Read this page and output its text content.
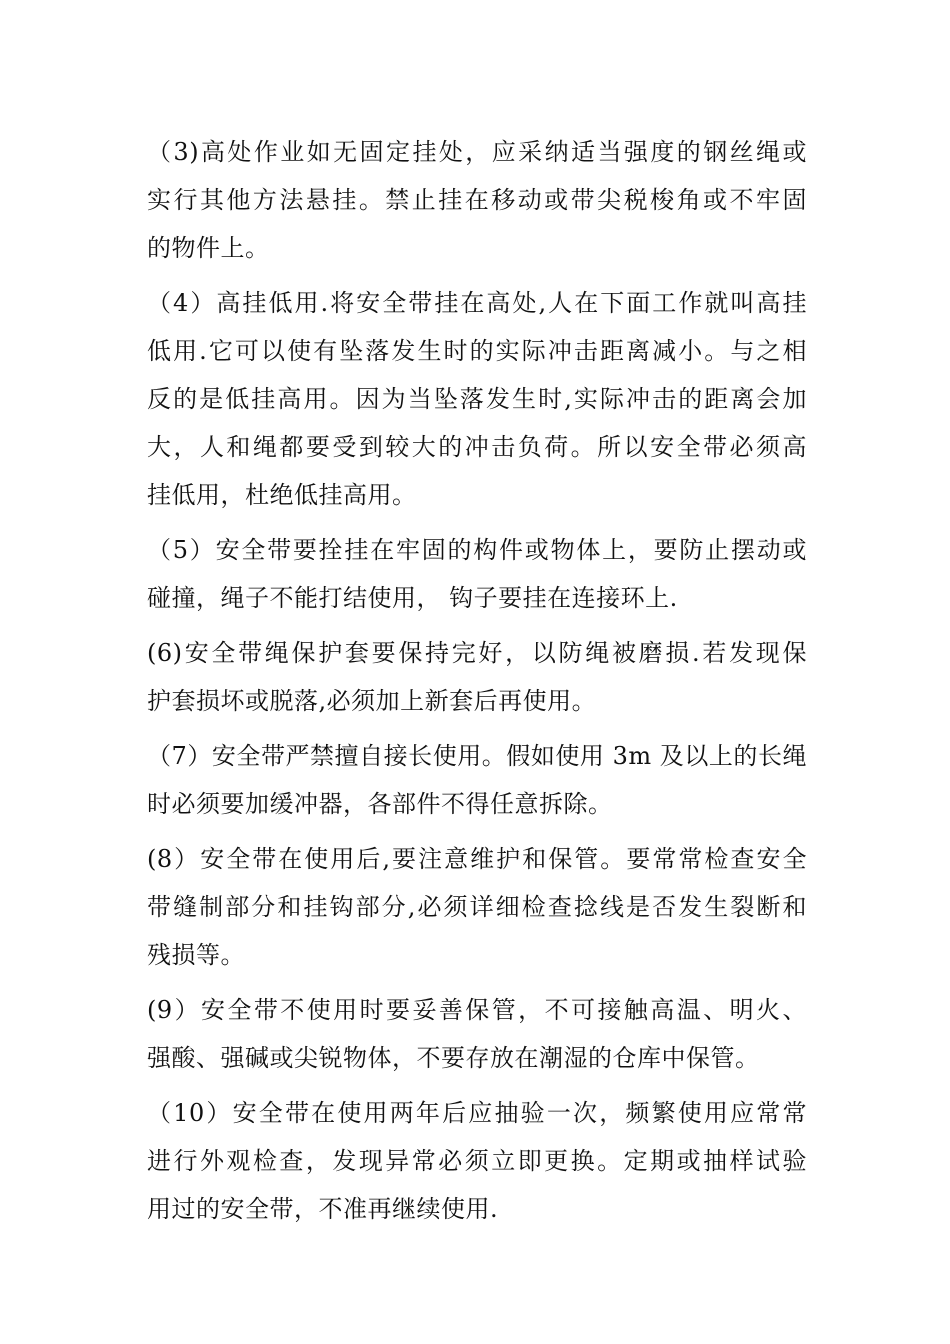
（3)高处作业如无固定挂处，应采纳适当强度的钢丝绳或
实行其他方法悬挂。禁止挂在移动或带尖税梭角或不牢固
的物件上。
（4）高挂低用.将安全带挂在高处,人在下面工作就叫高挂
低用.它可以使有坠落发生时的实际冲击距离减小。与之相
反的是低挂高用。因为当坠落发生时,实际冲击的距离会加
大，人和绳都要受到较大的冲击负荷。所以安全带必须高
挂低用，杜绝低挂高用。
（5）安全带要拴挂在牢固的构件或物体上，要防止摆动或
碰撞，绳子不能打结使用， 钩子要挂在连接环上.
(6)安全带绳保护套要保持完好，以防绳被磨损.若发现保
护套损坏或脱落,必须加上新套后再使用。
（7）安全带严禁擅自接长使用。假如使用 3m 及以上的长绳
时必须要加缓冲器，各部件不得任意拆除。
(8）安全带在使用后,要注意维护和保管。要常常检查安全
带缝制部分和挂钩部分,必须详细检查捻线是否发生裂断和
残损等。
(9）安全带不使用时要妥善保管，不可接触高温、明火、
强酸、强碱或尖锐物体，不要存放在潮湿的仓库中保管。
（10）安全带在使用两年后应抽验一次，频繁使用应常常
进行外观检查，发现异常必须立即更换。定期或抽样试验
用过的安全带，不准再继续使用.
